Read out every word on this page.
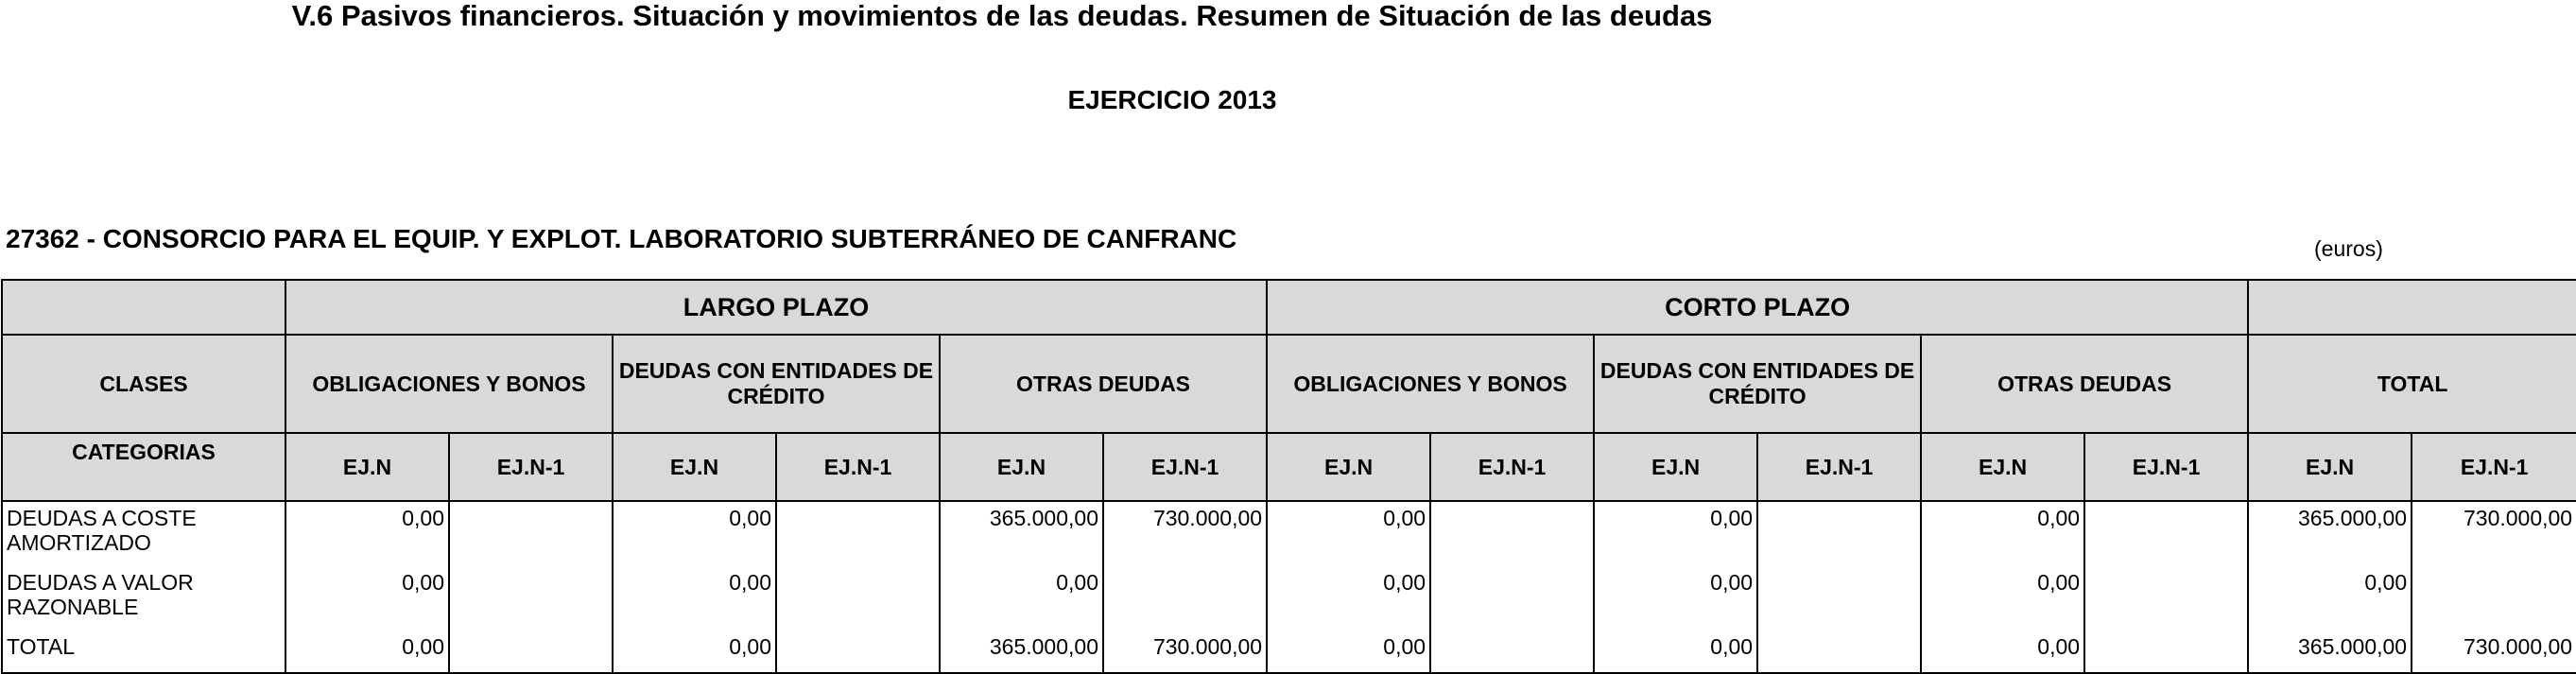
V.6 Pasivos financieros. Situación y movimientos de las deudas. Resumen de Situación de las deudas
EJERCICIO 2013
27362 - CONSORCIO PARA EL EQUIP. Y EXPLOT. LABORATORIO SUBTERRÁNEO DE CANFRANC	(euros)
	LARGO PLAZO						CORTO PLAZO							
CLASES	OBLIGACIONES Y BONOS		DEUDAS CON ENTIDADES DE CRÉDITO		OTRAS DEUDAS		OBLIGACIONES Y BONOS		DEUDAS CON ENTIDADES DE CRÉDITO		OTRAS DEUDAS		TOTAL	
CATEGORIAS	EJ.N	EJ.N-1	EJ.N	EJ.N-1	EJ.N	EJ.N-1	EJ.N	EJ.N-1	EJ.N	EJ.N-1	EJ.N	EJ.N-1	EJ.N	EJ.N-1
DEUDAS A COSTE AMORTIZADO	0,00		0,00		365.000,00	730.000,00	0,00		0,00		0,00		365.000,00	730.000,00
DEUDAS A VALOR RAZONABLE	0,00		0,00		0,00		0,00		0,00		0,00		0,00	
TOTAL	0,00		0,00		365.000,00	730.000,00	0,00		0,00		0,00		365.000,00	730.000,00
